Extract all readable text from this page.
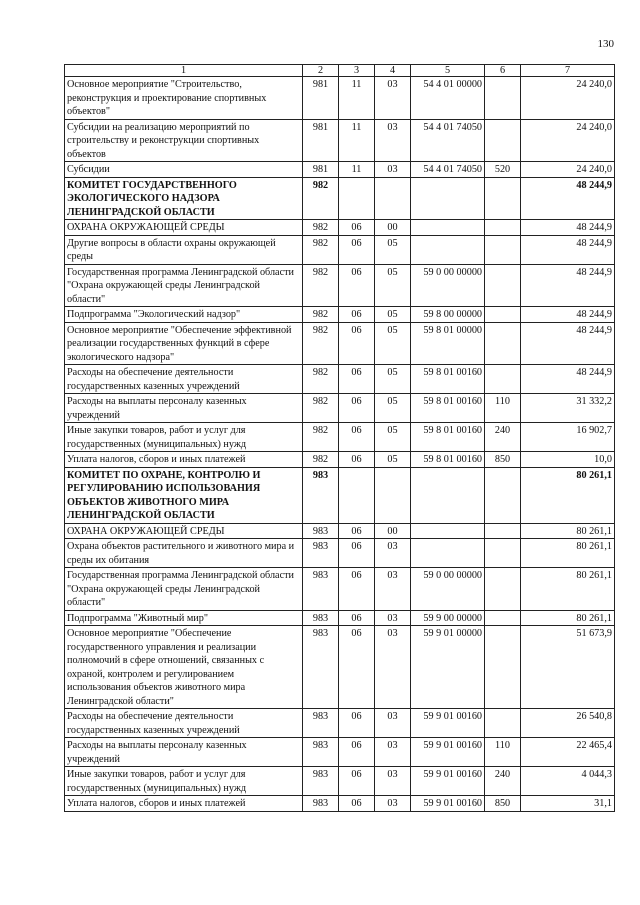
130
1	2	3	4	5	6	7
Основное мероприятие "Строительство, реконструкция и проектирование спортивных объектов"	981	11	03	54 4 01 00000		24 240,0
Субсидии на реализацию мероприятий по строительству и реконструкции спортивных объектов	981	11	03	54 4 01 74050		24 240,0
Субсидии	981	11	03	54 4 01 74050	520	24 240,0
КОМИТЕТ ГОСУДАРСТВЕННОГО ЭКОЛОГИЧЕСКОГО НАДЗОРА ЛЕНИНГРАДСКОЙ ОБЛАСТИ	982					48 244,9
ОХРАНА ОКРУЖАЮЩЕЙ СРЕДЫ	982	06	00			48 244,9
Другие вопросы в области охраны окружающей среды	982	06	05			48 244,9
Государственная программа Ленинградской области "Охрана окружающей среды Ленинградской области"	982	06	05	59 0 00 00000		48 244,9
Подпрограмма "Экологический надзор"	982	06	05	59 8 00 00000		48 244,9
Основное мероприятие "Обеспечение эффективной реализации государственных функций в сфере экологического надзора"	982	06	05	59 8 01 00000		48 244,9
Расходы на обеспечение деятельности государственных казенных учреждений	982	06	05	59 8 01 00160		48 244,9
Расходы на выплаты персоналу казенных учреждений	982	06	05	59 8 01 00160	110	31 332,2
Иные закупки товаров, работ и услуг для государственных (муниципальных) нужд	982	06	05	59 8 01 00160	240	16 902,7
Уплата налогов, сборов и иных платежей	982	06	05	59 8 01 00160	850	10,0
КОМИТЕТ ПО ОХРАНЕ, КОНТРОЛЮ И РЕГУЛИРОВАНИЮ ИСПОЛЬЗОВАНИЯ ОБЪЕКТОВ ЖИВОТНОГО МИРА ЛЕНИНГРАДСКОЙ ОБЛАСТИ	983					80 261,1
ОХРАНА ОКРУЖАЮЩЕЙ СРЕДЫ	983	06	00			80 261,1
Охрана объектов растительного и животного мира и среды их обитания	983	06	03			80 261,1
Государственная программа Ленинградской области "Охрана окружающей среды Ленинградской области"	983	06	03	59 0 00 00000		80 261,1
Подпрограмма "Животный мир"	983	06	03	59 9 00 00000		80 261,1
Основное мероприятие "Обеспечение государственного управления и реализации полномочий в сфере отношений, связанных с охраной, контролем и регулированием использования объектов животного мира Ленинградской области"	983	06	03	59 9 01 00000		51 673,9
Расходы на обеспечение деятельности государственных казенных учреждений	983	06	03	59 9 01 00160		26 540,8
Расходы на выплаты персоналу казенных учреждений	983	06	03	59 9 01 00160	110	22 465,4
Иные закупки товаров, работ и услуг для государственных (муниципальных) нужд	983	06	03	59 9 01 00160	240	4 044,3
Уплата налогов, сборов и иных платежей	983	06	03	59 9 01 00160	850	31,1
